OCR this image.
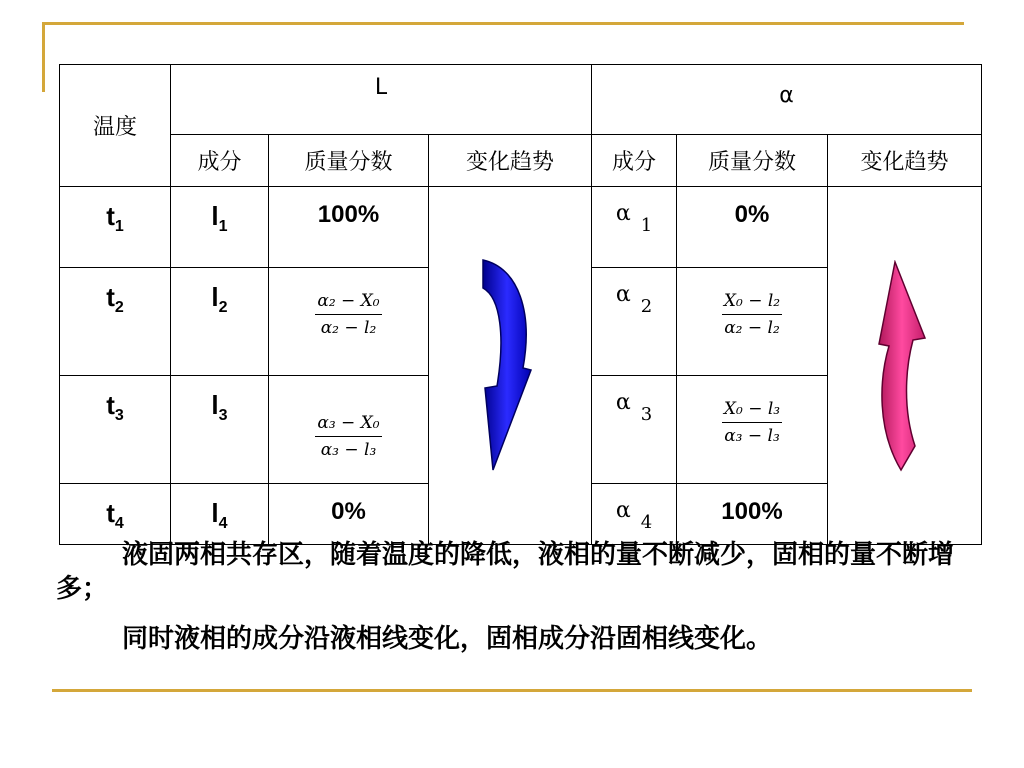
温度	L			α		
	成分	质量分数	变化趋势	成分	质量分数	变化趋势
$t_1$	$l_1$	100%		α $_1$	0%	

$t_2$	$l_2$	$\frac{\text{α₂ − X₀}}{\text{α₂ − l₂}}$		α $_2$	$\frac{\text{X₀ − l₂}}{\text{α₂ − l₂}}$

$t_3$	$l_3$	$\frac{\text{α₃ − X₀}}{\text{α₃ − l₃}}$		α $_3$	$\frac{\text{X₀ − l₃}}{\text{α₃ − l₃}}$

$t_4$	$l_4$	0%		α $_4$	100%	
液固两相共存区，随着温度的降低，液相的量不断减少，固相的量不断增多；
同时液相的成分沿液相线变化，固相成分沿固相线变化。
